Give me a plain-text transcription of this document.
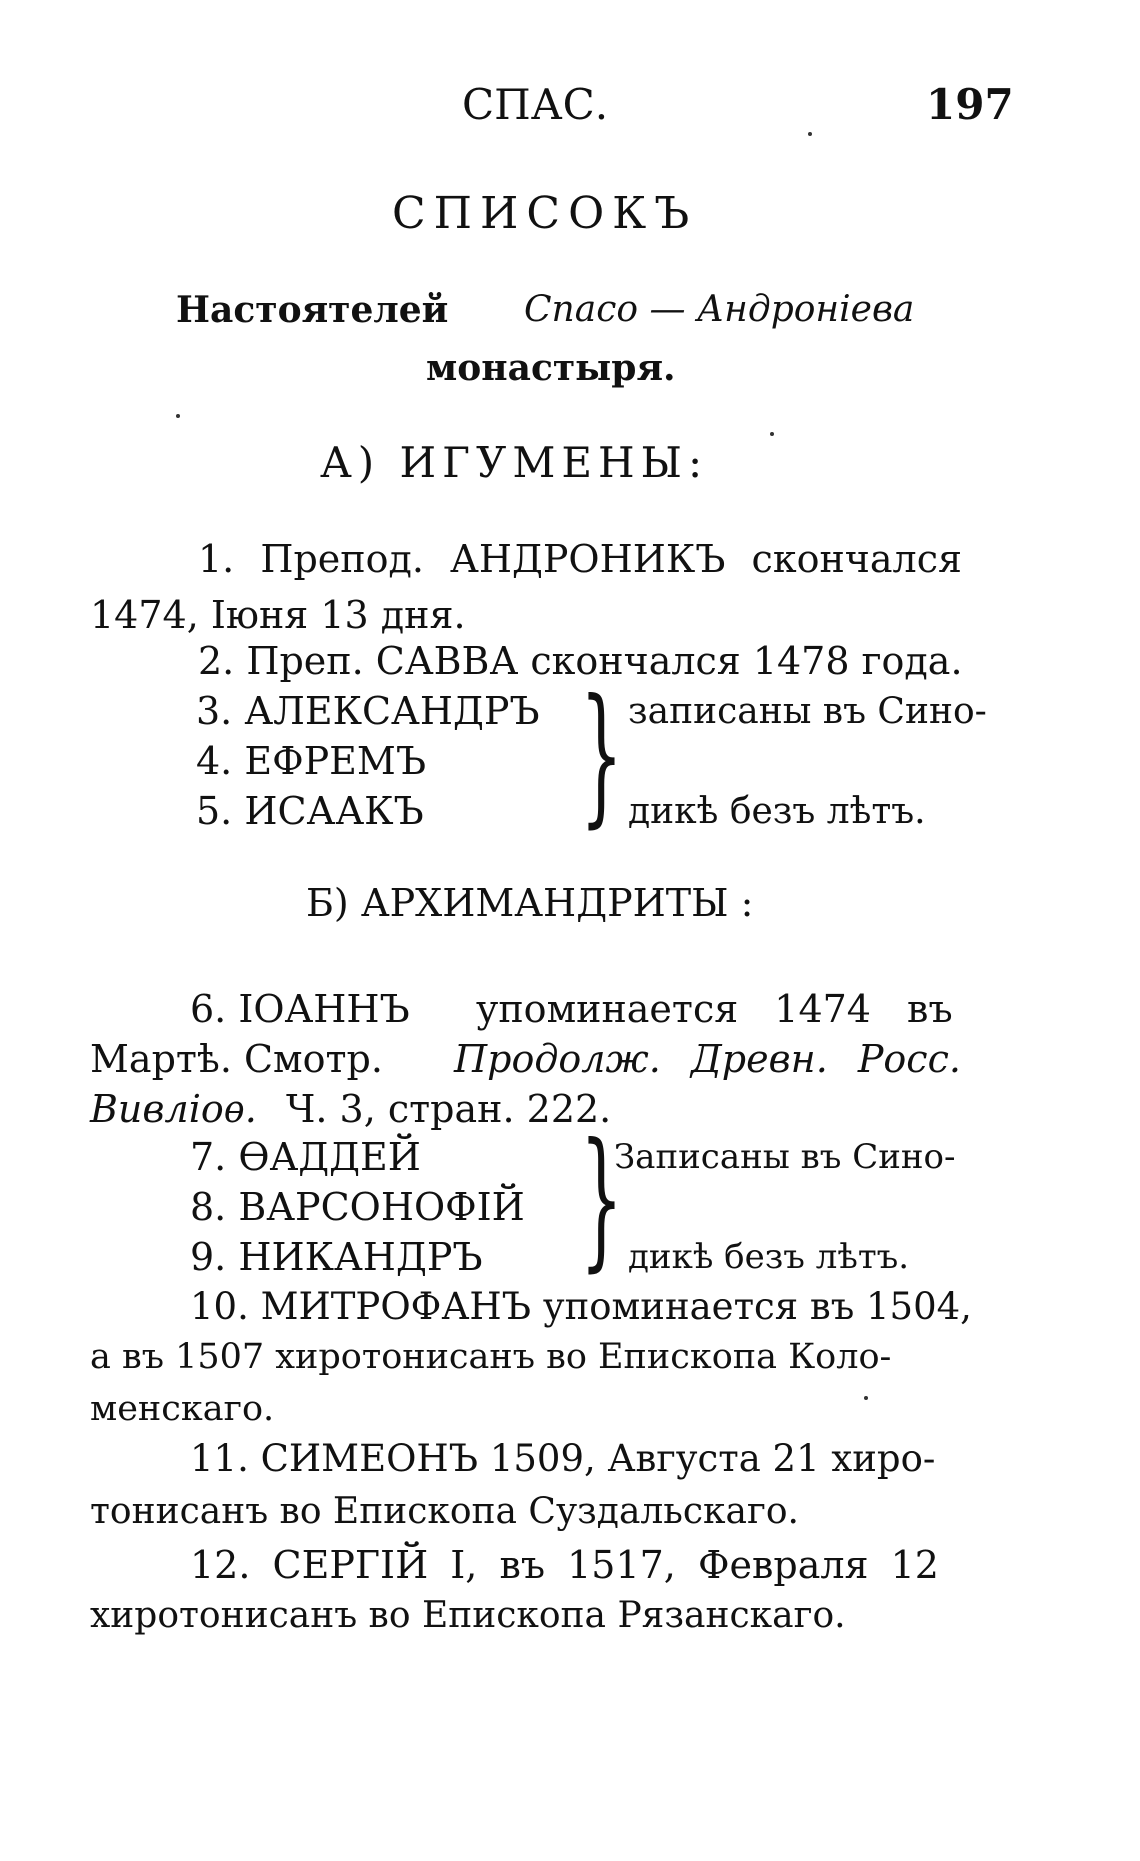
СПАС.	197
СПИСОКЪ
Настоятелей Спасо — Андроніева
монастыря.
А) ИГУМЕНЫ:
1. Препод. АНДРОНИКЪ скончался
1474, Іюня 13 дня.
2. Преп. САВВА скончался 1478 года.
3. АЛЕКСАНДРЪ
4. ЕФРЕМЪ
5. ИСААКЪ } записаны въ Сино-
дикѣ безъ лѣтъ.
Б) АРХИМАНДРИТЫ :
6. ІОАННЪ упоминается 1474 въ
Мартѣ. Смотр. Продолж. Древн. Росс.
Вивліоѳ. Ч. 3, стран. 222.
7. ѲАДДЕЙ
8. ВАРСОНОФІЙ
9. НИКАНДРЪ }
Записаны въ Сино-
дикѣ безъ лѣтъ.
10. МИТРОФАНЪ упоминается въ 1504,
а въ 1507 хиротонисанъ во Епископа Коло-
менскаго.
11. СИМЕОНЪ 1509, Августа 21 хиро-
тонисанъ во Епископа Суздальскаго.
12. СЕРГІЙ I, въ 1517, Февраля 12
хиротонисанъ во Епископа Рязанскаго.
